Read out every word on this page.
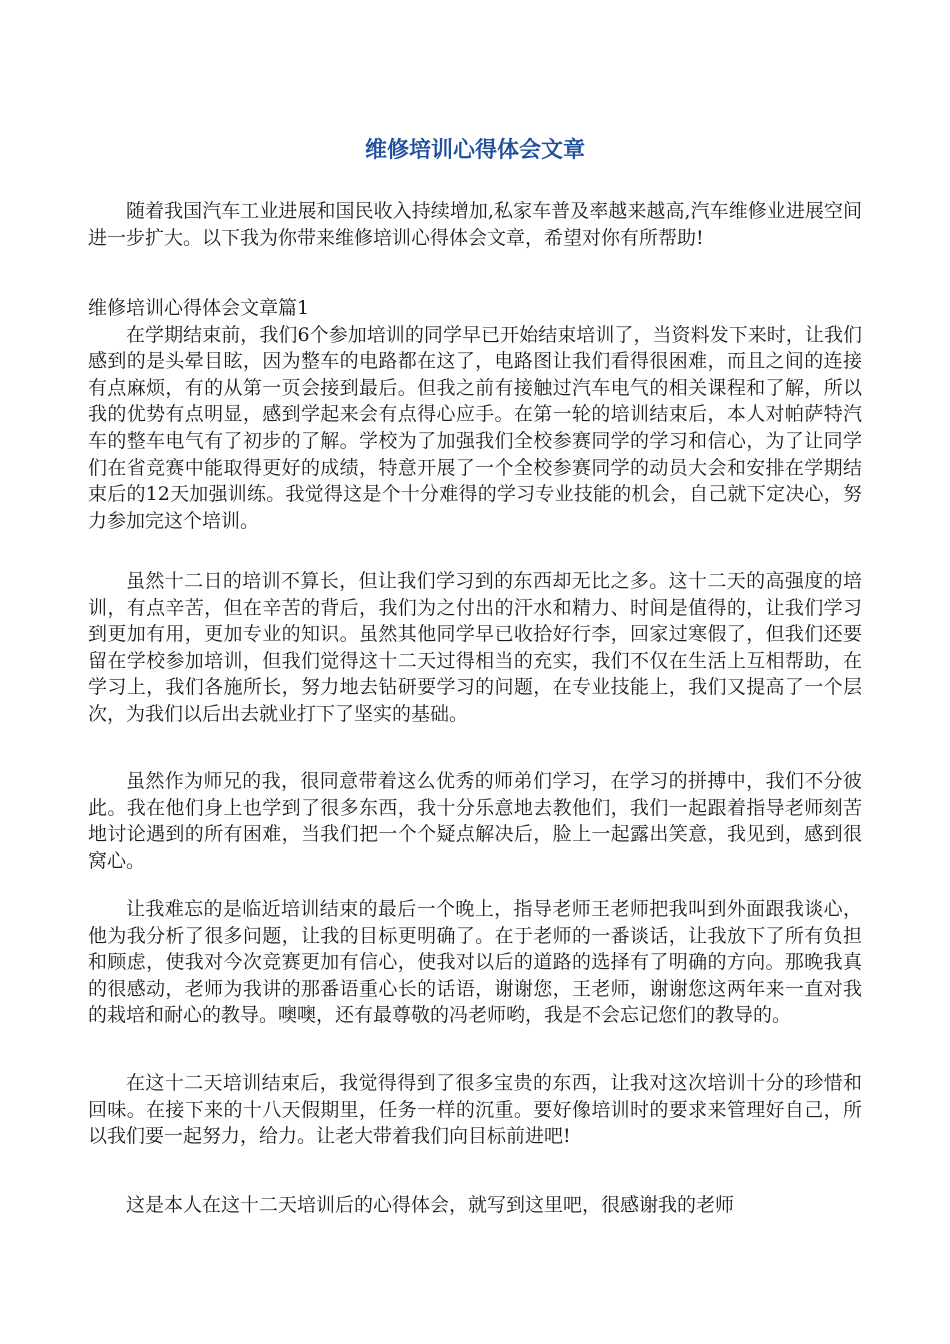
维修培训心得体会文章

随着我国汽车工业进展和国民收入持续增加,私家车普及率越来越高,汽车维修业进展空间进一步扩大。以下我为你带来维修培训心得体会文章，希望对你有所帮助!

维修培训心得体会文章篇1

在学期结束前，我们6个参加培训的同学早已开始结束培训了，当资料发下来时，让我们感到的是头晕目眩，因为整车的电路都在这了，电路图让我们看得很困难，而且之间的连接有点麻烦，有的从第一页会接到最后。但我之前有接触过汽车电气的相关课程和了解，所以我的优势有点明显，感到学起来会有点得心应手。在第一轮的培训结束后，本人对帕萨特汽车的整车电气有了初步的了解。学校为了加强我们全校参赛同学的学习和信心，为了让同学们在省竞赛中能取得更好的成绩，特意开展了一个全校参赛同学的动员大会和安排在学期结束后的12天加强训练。我觉得这是个十分难得的学习专业技能的机会，自己就下定决心，努力参加完这个培训。

虽然十二日的培训不算长，但让我们学习到的东西却无比之多。这十二天的高强度的培训，有点辛苦，但在辛苦的背后，我们为之付出的汗水和精力、时间是值得的，让我们学习到更加有用，更加专业的知识。虽然其他同学早已收拾好行李，回家过寒假了，但我们还要留在学校参加培训，但我们觉得这十二天过得相当的充实，我们不仅在生活上互相帮助，在学习上，我们各施所长，努力地去钻研要学习的问题，在专业技能上，我们又提高了一个层次，为我们以后出去就业打下了坚实的基础。

虽然作为师兄的我，很同意带着这么优秀的师弟们学习，在学习的拼搏中，我们不分彼此。我在他们身上也学到了很多东西，我十分乐意地去教他们，我们一起跟着指导老师刻苦地讨论遇到的所有困难，当我们把一个个疑点解决后，脸上一起露出笑意，我见到，感到很窝心。

让我难忘的是临近培训结束的最后一个晚上，指导老师王老师把我叫到外面跟我谈心，他为我分析了很多问题，让我的目标更明确了。在于老师的一番谈话，让我放下了所有负担和顾虑，使我对今次竞赛更加有信心，使我对以后的道路的选择有了明确的方向。那晚我真的很感动，老师为我讲的那番语重心长的话语，谢谢您，王老师，谢谢您这两年来一直对我的栽培和耐心的教导。噢噢，还有最尊敬的冯老师哟，我是不会忘记您们的教导的。

在这十二天培训结束后，我觉得得到了很多宝贵的东西，让我对这次培训十分的珍惜和回味。在接下来的十八天假期里，任务一样的沉重。要好像培训时的要求来管理好自己，所以我们要一起努力，给力。让老大带着我们向目标前进吧!

这是本人在这十二天培训后的心得体会，就写到这里吧，很感谢我的老师
